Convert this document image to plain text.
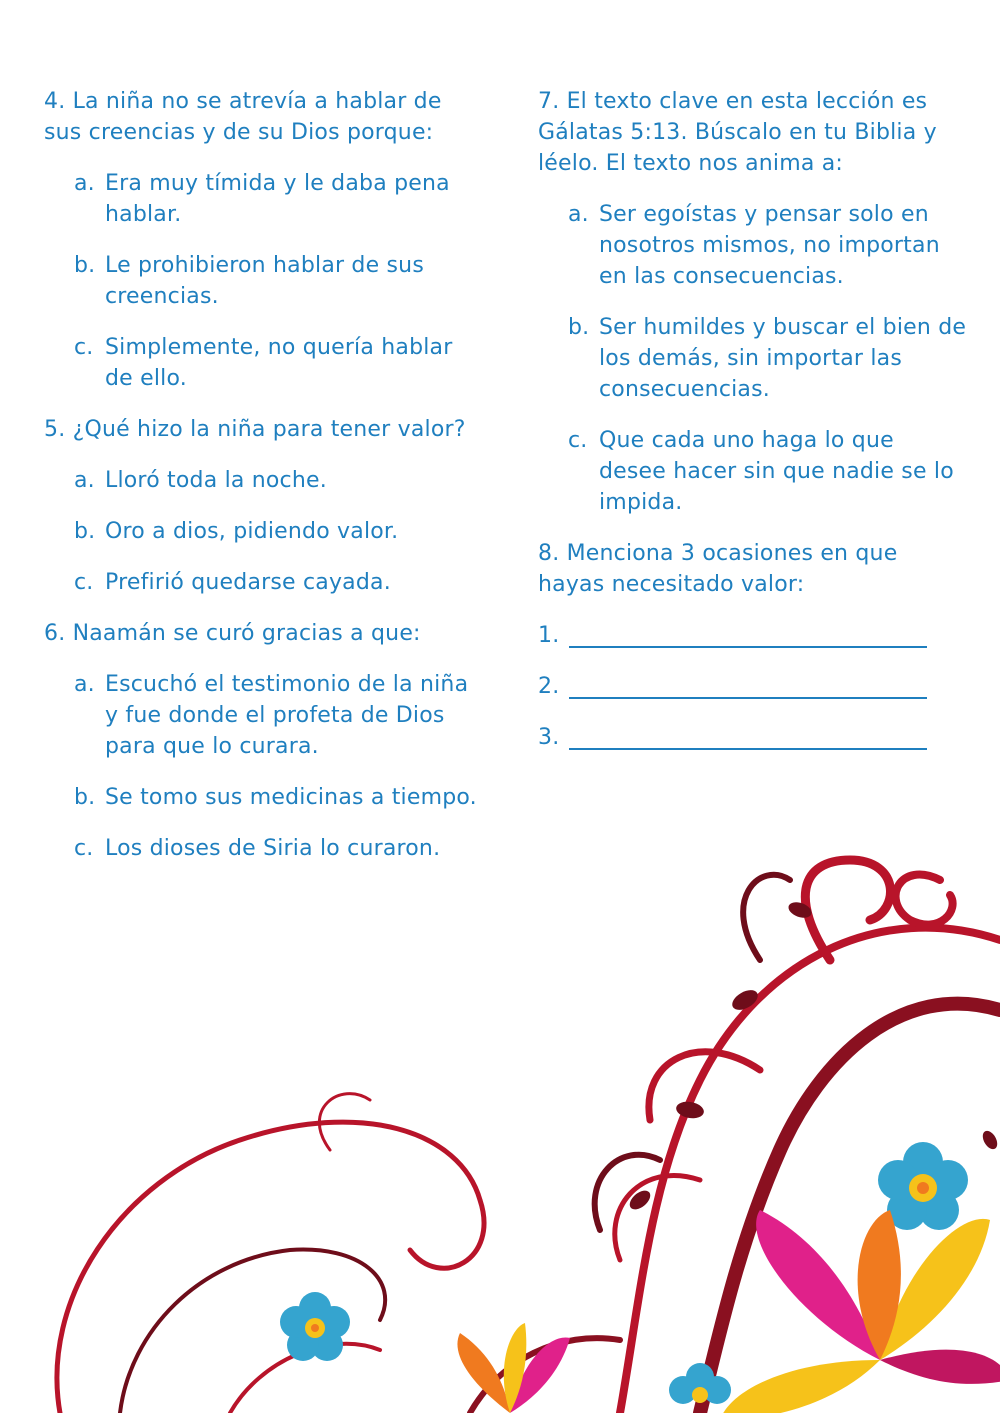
4. La niña no se atrevía a hablar de sus creencias y de su Dios porque:
a. Era muy tímida y le daba pena hablar.
b. Le prohibieron hablar de sus creencias.
c. Simplemente, no quería hablar de ello.
5. ¿Qué hizo la niña para tener valor?
a. Lloró toda la noche.
b. Oro a dios, pidiendo valor.
c. Prefirió quedarse cayada.
6. Naamán se curó gracias a que:
a. Escuchó el testimonio de la niña y fue donde el profeta de Dios para que lo curara.
b. Se tomo sus medicinas a tiempo.
c. Los dioses de Siria lo curaron.
7. El texto clave en esta lección es Gálatas 5:13. Búscalo en tu Biblia y léelo. El texto nos anima a:
a. Ser egoístas y pensar solo en nosotros mismos, no importan en las consecuencias.
b. Ser humildes y buscar el bien de los demás, sin importar las consecuencias.
c. Que cada uno haga lo que desee hacer sin que nadie se lo impida.
8. Menciona 3 ocasiones en que hayas necesitado valor:
1.
2.
3.
